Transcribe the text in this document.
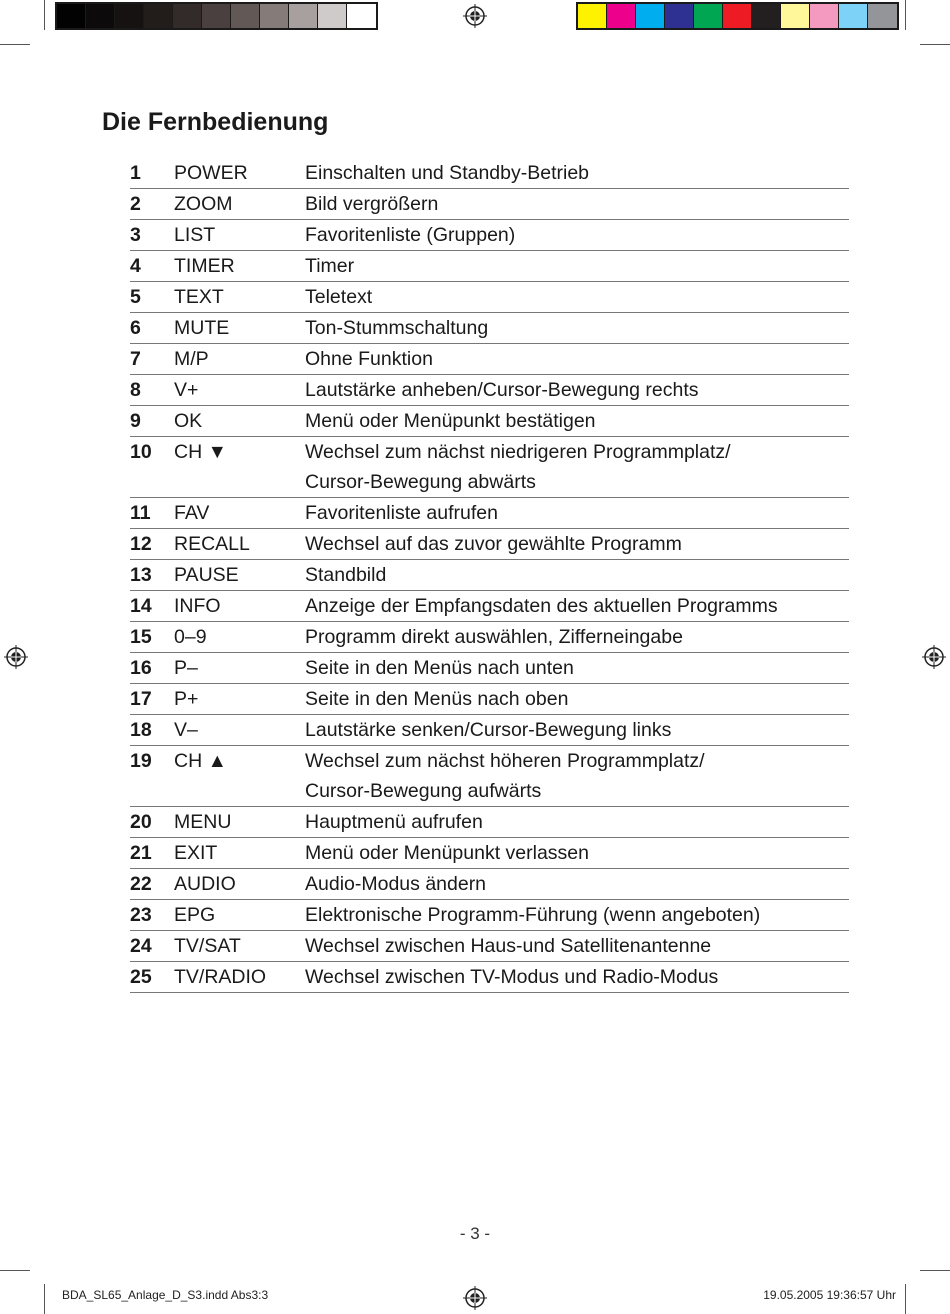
Die Fernbedienung
1	POWER	Einschalten und Standby-Betrieb
2	ZOOM	Bild vergrößern
3	LIST	Favoritenliste (Gruppen)
4	TIMER	Timer
5	TEXT	Teletext
6	MUTE	Ton-Stummschaltung
7	M/P	Ohne Funktion
8	V+	Lautstärke anheben/Cursor-Bewegung rechts
9	OK	Menü oder Menüpunkt bestätigen
10	CH ▼	Wechsel zum nächst niedrigeren Programmplatz/
Cursor-Bewegung abwärts
11	FAV	Favoritenliste aufrufen
12	RECALL	Wechsel auf das zuvor gewählte Programm
13	PAUSE	Standbild
14	INFO	Anzeige der Empfangsdaten des aktuellen Programms
15	0–9	Programm direkt auswählen, Zifferneingabe
16	P–	Seite in den Menüs nach unten
17	P+	Seite in den Menüs nach oben
18	V–	Lautstärke senken/Cursor-Bewegung links
19	CH ▲	Wechsel zum nächst höheren Programmplatz/
Cursor-Bewegung aufwärts
20	MENU	Hauptmenü aufrufen
21	EXIT	Menü oder Menüpunkt verlassen
22	AUDIO	Audio-Modus ändern
23	EPG	Elektronische Programm-Führung (wenn angeboten)
24	TV/SAT	Wechsel zwischen Haus-und Satellitenantenne
25	TV/RADIO	Wechsel zwischen TV-Modus und Radio-Modus
- 3 -
BDA_SL65_Anlage_D_S3.indd Abs3:3	19.05.2005 19:36:57 Uhr
